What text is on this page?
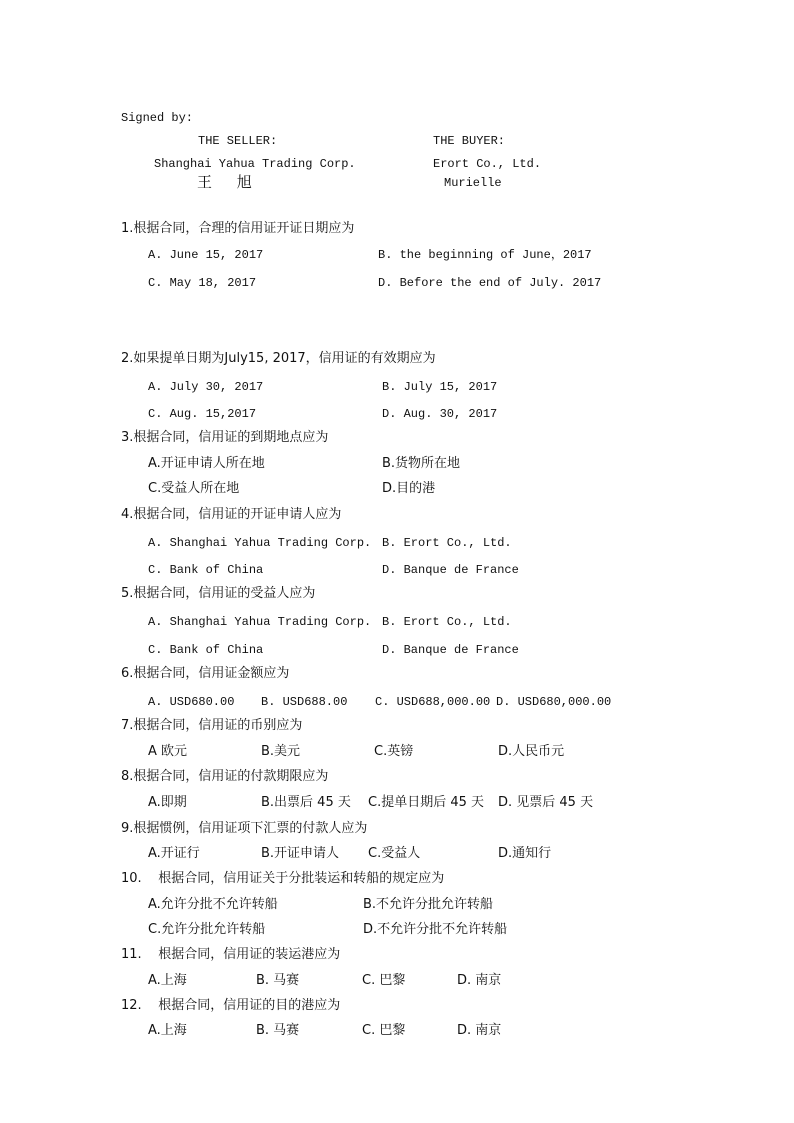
Signed by:
THE SELLER:	THE BUYER:
Shanghai Yahua Trading Corp.	Erort Co., Ltd.
王 旭	Murielle
1.根据合同，合理的信用证开证日期应为
A. June 15, 2017	B. the beginning of June，2017
C. May 18, 2017	D. Before the end of July. 2017
2.如果提单日期为July15, 2017，信用证的有效期应为
A. July 30, 2017	B. July 15, 2017
C. Aug. 15,2017	D. Aug. 30, 2017
3.根据合同，信用证的到期地点应为
A.开证申请人所在地	B.货物所在地
C.受益人所在地	D.目的港
4.根据合同，信用证的开证申请人应为
A. Shanghai Yahua Trading Corp. B. Erort Co., Ltd.
C. Bank of China	D. Banque de France
5.根据合同，信用证的受益人应为
A. Shanghai Yahua Trading Corp. B. Erort Co., Ltd.
C. Bank of China	D. Banque de France
6.根据合同，信用证金额应为
A. USD680.00 B. USD688.00 C. USD688,000.00 D. USD680,000.00
7.根据合同，信用证的币别应为
A 欧元	B.美元	C.英镑	D.人民币元
8.根据合同，信用证的付款期限应为
A.即期	B.出票后 45 天 C.提单日期后 45 天 D. 见票后 45 天
9.根据惯例，信用证项下汇票的付款人应为
A.开证行	B.开证申请人 C.受益人	D.通知行
10.    根据合同，信用证关于分批装运和转船的规定应为
A.允许分批不允许转船	B.不允许分批允许转船
C.允许分批允许转船	D.不允许分批不允许转船
11.    根据合同，信用证的装运港应为
A.上海	B. 马赛	C. 巴黎	D. 南京
12.    根据合同，信用证的目的港应为
A.上海	B. 马赛	C. 巴黎	D. 南京
